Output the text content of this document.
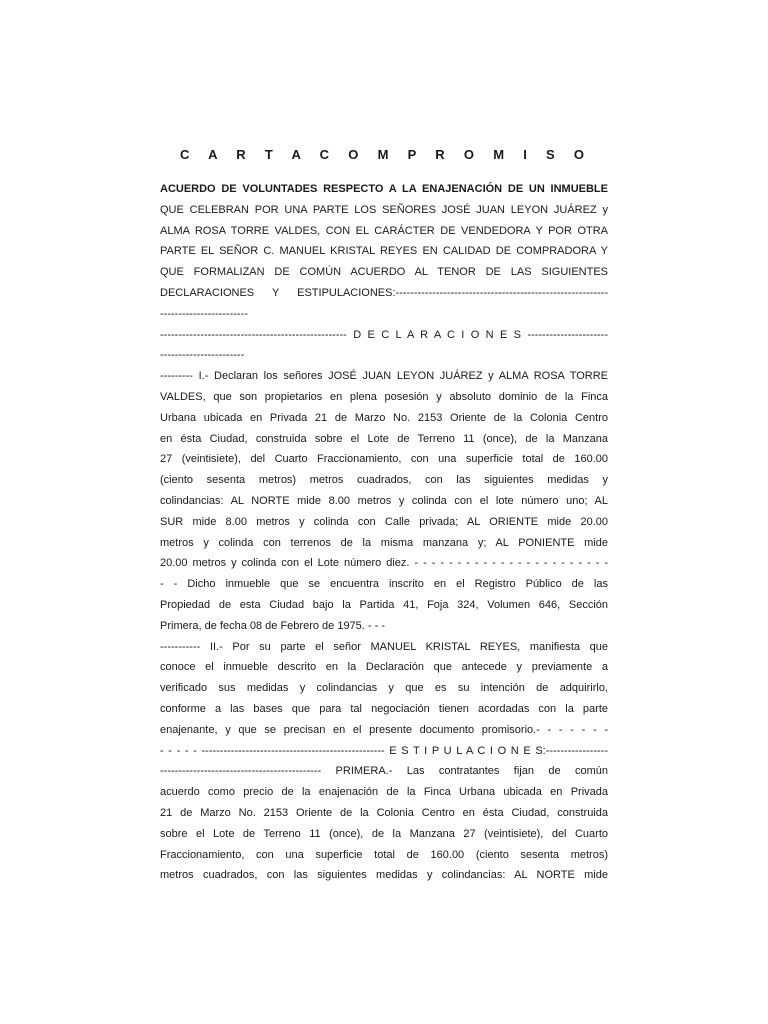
C A R T A C O M P R O M I S O
ACUERDO DE VOLUNTADES RESPECTO A LA ENAJENACIÓN DE UN INMUEBLE
QUE CELEBRAN POR UNA PARTE LOS SEÑORES JOSÉ JUAN LEYON JUÁREZ y
ALMA ROSA TORRE VALDES, CON EL CARÁCTER DE VENDEDORA Y POR OTRA
PARTE EL SEÑOR C. MANUEL KRISTAL REYES EN CALIDAD DE COMPRADORA Y
QUE FORMALIZAN DE COMÚN ACUERDO AL TENOR DE LAS SIGUIENTES
DECLARACIONES Y ESTIPULACIONES:----------------------------------------------------------
------------------------
--------------------------------------------------- D E C L A R A C I O N E S ----------------------
-----------------------
--------- I.- Declaran los señores JOSÉ JUAN LEYON JUÁREZ y ALMA ROSA TORRE
VALDES, que son propietarios en plena posesión y absoluto dominio de la Finca
Urbana ubicada en Privada 21 de Marzo No. 2153 Oriente de la Colonia Centro
en ésta Ciudad, construida sobre el Lote de Terreno 11 (once), de la Manzana
27 (veintisiete), del Cuarto Fraccionamiento, con una superficie total de 160.00
(ciento sesenta metros) metros cuadrados, con las siguientes medidas y
colindancias: AL NORTE mide 8.00 metros y colinda con el lote número uno; AL
SUR mide 8.00 metros y colinda con Calle privada; AL ORIENTE mide 20.00
metros y colinda con terrenos de la misma manzana y; AL PONIENTE mide
20.00 metros y colinda con el Lote número diez. - - - - - - - - - - - - - - - - - - - - - - -
- - Dicho inmueble que se encuentra inscrito en el Registro Público de las
Propiedad de esta Ciudad bajo la Partida 41, Foja 324, Volumen 646, Sección
Primera, de fecha 08 de Febrero de 1975. - - -
----------- II.- Por su parte el señor MANUEL KRISTAL REYES, manifiesta que
conoce el inmueble descrito en la Declaración que antecede y previamente a
verificado sus medidas y colindancias y que es su intención de adquirirlo,
conforme a las bases que para tal negociación tienen acordadas con la parte
enajenante, y que se precisan en el presente documento promisorio.- - - - - - -
- - - - - -------------------------------------------------- E S T I P U L A C I O N E S:-----------------
-------------------------------------------- PRIMERA.- Las contratantes fijan de común
acuerdo como precio de la enajenación de la Finca Urbana ubicada en Privada
21 de Marzo No. 2153 Oriente de la Colonia Centro en ésta Ciudad, construida
sobre el Lote de Terreno 11 (once), de la Manzana 27 (veintisiete), del Cuarto
Fraccionamiento, con una superficie total de 160.00 (ciento sesenta metros)
metros cuadrados, con las siguientes medidas y colindancias: AL NORTE mide
